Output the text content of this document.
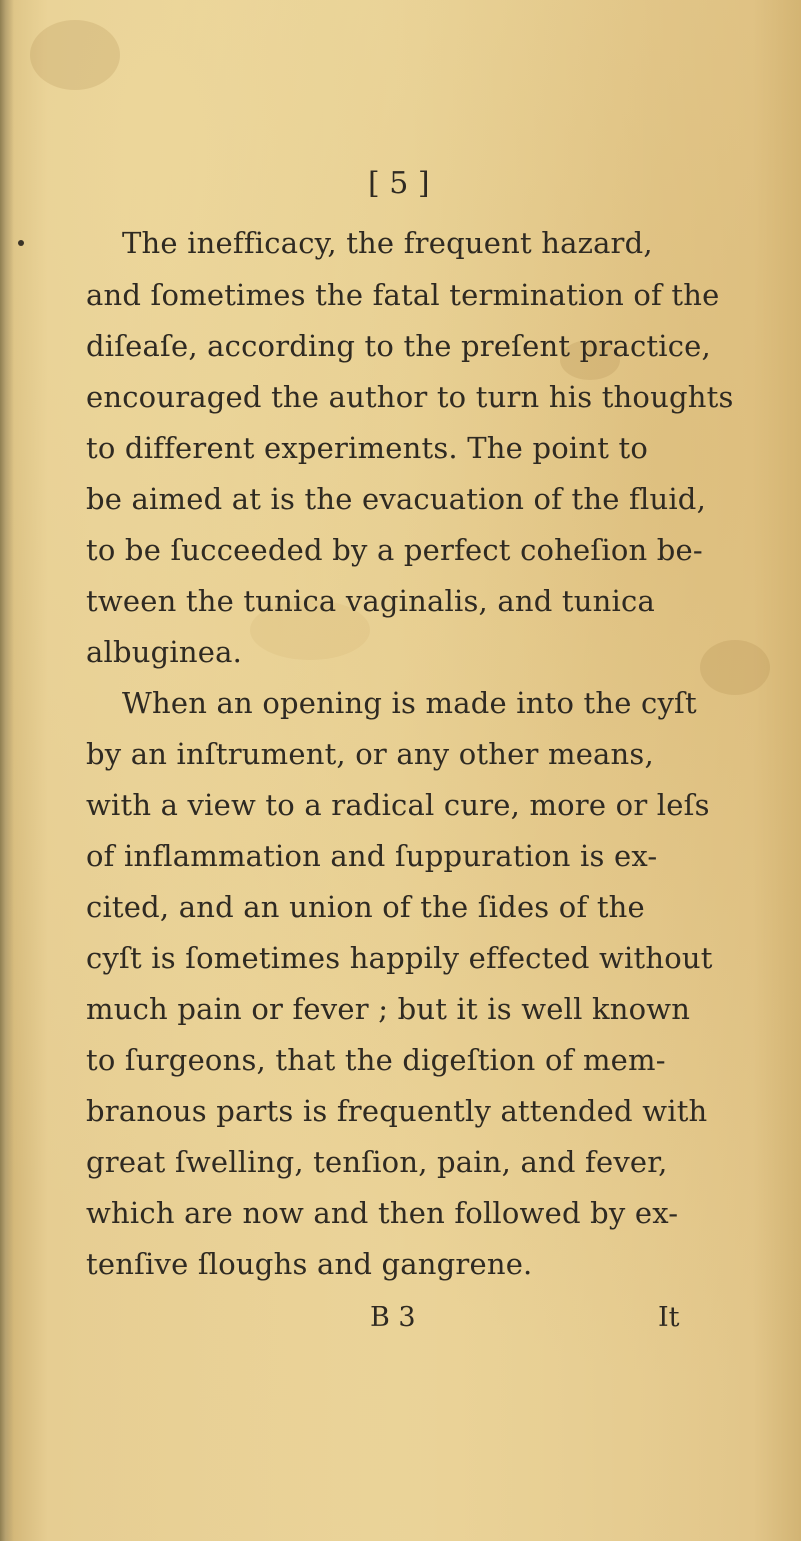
[ 5 ]
The inefficacy, the frequent hazard,
and ſometimes the fatal termination of the
diſeaſe, according to the preſent practice,
encouraged the author to turn his thoughts
to different experiments. The point to
be aimed at is the evacuation of the fluid,
to be ſucceeded by a perfect coheſion be-
tween the tunica vaginalis, and tunica
albuginea.
When an opening is made into the cyſt
by an inſtrument, or any other means,
with a view to a radical cure, more or leſs
of inflammation and ſuppuration is ex-
cited, and an union of the ſides of the
cyſt is ſometimes happily effected without
much pain or fever ; but it is well known
to ſurgeons, that the digeſtion of mem-
branous parts is frequently attended with
great ſwelling, tenſion, pain, and fever,
which are now and then followed by ex-
tenſive ſloughs and gangrene.
B 3	It
